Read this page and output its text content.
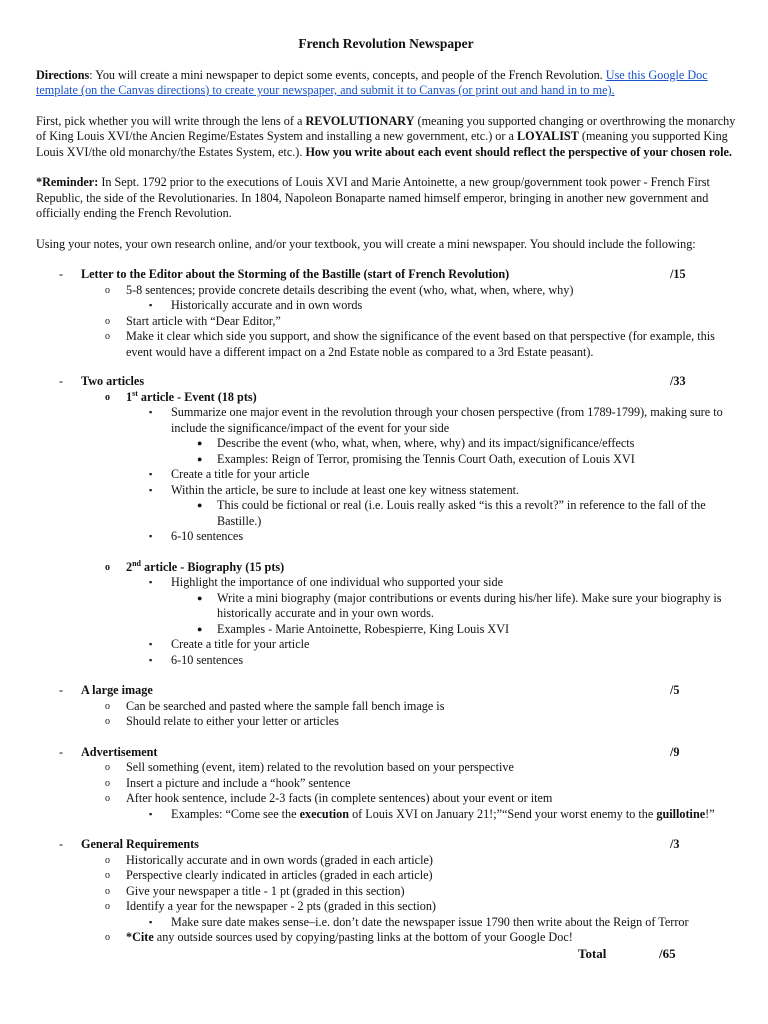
French Revolution Newspaper
Directions: You will create a mini newspaper to depict some events, concepts, and people of the French Revolution. Use this Google Doc template (on the Canvas directions) to create your newspaper, and submit it to Canvas (or print out and hand in to me).
First, pick whether you will write through the lens of a REVOLUTIONARY (meaning you supported changing or overthrowing the monarchy of King Louis XVI/the Ancien Regime/Estates System and installing a new government, etc.) or a LOYALIST (meaning you supported King Louis XVI/the old monarchy/the Estates System, etc.). How you write about each event should reflect the perspective of your chosen role.
*Reminder: In Sept. 1792 prior to the executions of Louis XVI and Marie Antoinette, a new group/government took power - French First Republic, the side of the Revolutionaries. In 1804, Napoleon Bonaparte named himself emperor, bringing in another new government and officially ending the French Revolution.
Using your notes, your own research online, and/or your textbook, you will create a mini newspaper. You should include the following:
- Letter to the Editor about the Storming of the Bastille (start of French Revolution)	/15
o 5-8 sentences; provide concrete details describing the event (who, what, when, where, why)
▪ Historically accurate and in own words
o Start article with “Dear Editor,”
o Make it clear which side you support, and show the significance of the event based on that perspective (for example, this event would have a different impact on a 2nd Estate noble as compared to a 3rd Estate peasant).
- Two articles	/33
o 1st article - Event (18 pts)
▪ Summarize one major event in the revolution through your chosen perspective (from 1789-1799), making sure to include the significance/impact of the event for your side
● Describe the event (who, what, when, where, why) and its impact/significance/effects
● Examples: Reign of Terror, promising the Tennis Court Oath, execution of Louis XVI
▪ Create a title for your article
▪ Within the article, be sure to include at least one key witness statement.
● This could be fictional or real (i.e. Louis really asked “is this a revolt?” in reference to the fall of the Bastille.)
▪ 6-10 sentences
o 2nd article - Biography (15 pts)
▪ Highlight the importance of one individual who supported your side
● Write a mini biography (major contributions or events during his/her life). Make sure your biography is historically accurate and in your own words.
● Examples - Marie Antoinette, Robespierre, King Louis XVI
▪ Create a title for your article
▪ 6-10 sentences
- A large image	/5
o Can be searched and pasted where the sample fall bench image is
o Should relate to either your letter or articles
- Advertisement	/9
o Sell something (event, item) related to the revolution based on your perspective
o Insert a picture and include a “hook” sentence
o After hook sentence, include 2-3 facts (in complete sentences) about your event or item
▪ Examples: “Come see the execution of Louis XVI on January 21!;”“Send your worst enemy to the guillotine!”
- General Requirements	/3
o Historically accurate and in own words (graded in each article)
o Perspective clearly indicated in articles (graded in each article)
o Give your newspaper a title - 1 pt (graded in this section)
o Identify a year for the newspaper - 2 pts (graded in this section)
▪ Make sure date makes sense–i.e. don’t date the newspaper issue 1790 then write about the Reign of Terror
o *Cite any outside sources used by copying/pasting links at the bottom of your Google Doc!
Total	/65
